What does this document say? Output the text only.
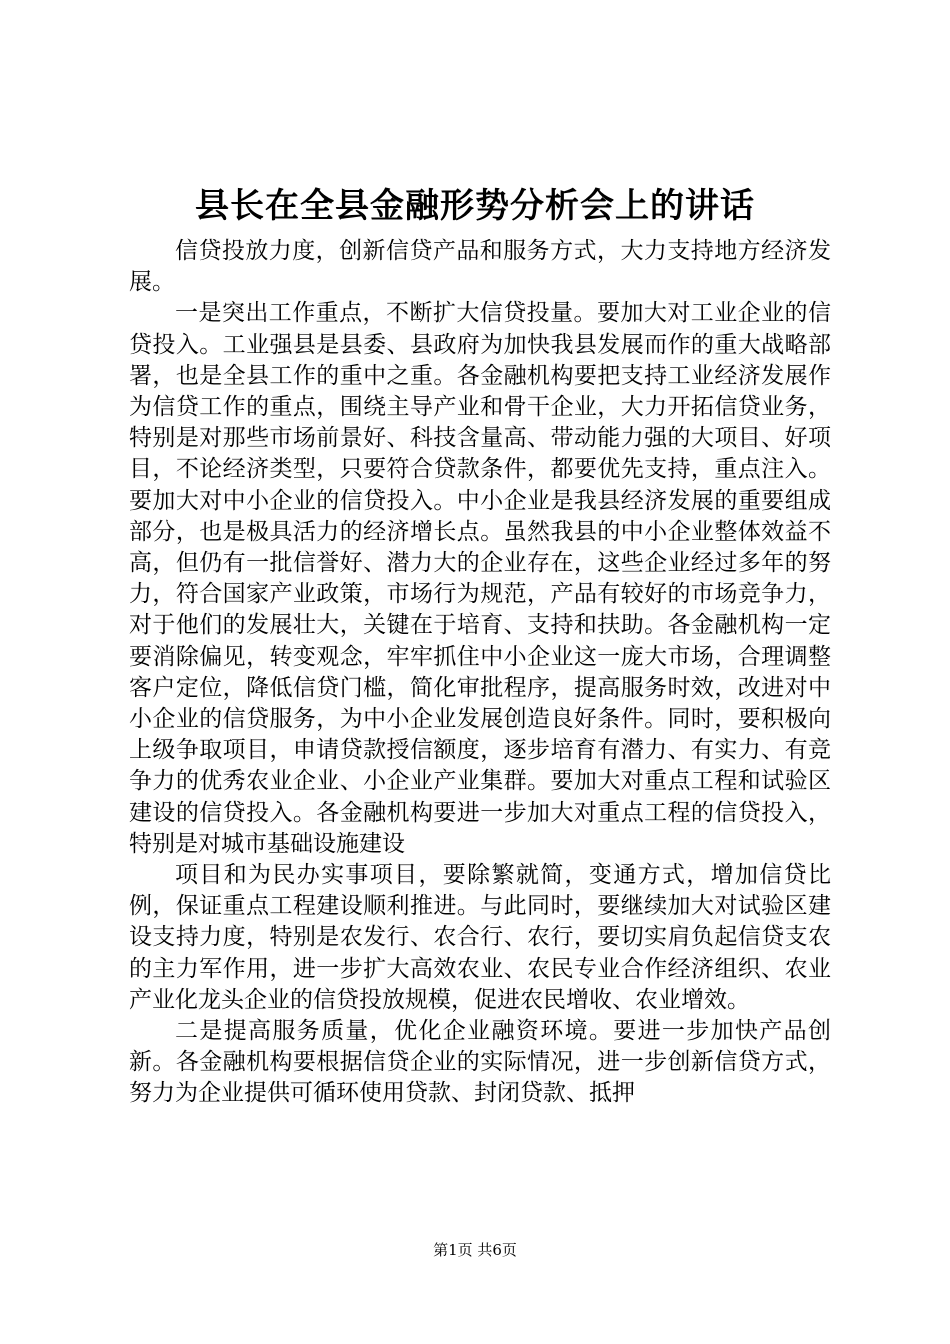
县长在全县金融形势分析会上的讲话

信贷投放力度，创新信贷产品和服务方式，大力支持地方经济发展。

一是突出工作重点，不断扩大信贷投量。要加大对工业企业的信贷投入。工业强县是县委、县政府为加快我县发展而作的重大战略部署，也是全县工作的重中之重。各金融机构要把支持工业经济发展作为信贷工作的重点，围绕主导产业和骨干企业，大力开拓信贷业务，特别是对那些市场前景好、科技含量高、带动能力强的大项目、好项目，不论经济类型，只要符合贷款条件，都要优先支持，重点注入。要加大对中小企业的信贷投入。中小企业是我县经济发展的重要组成部分，也是极具活力的经济增长点。虽然我县的中小企业整体效益不高，但仍有一批信誉好、潜力大的企业存在，这些企业经过多年的努力，符合国家产业政策，市场行为规范，产品有较好的市场竞争力，对于他们的发展壮大，关键在于培育、支持和扶助。各金融机构一定要消除偏见，转变观念，牢牢抓住中小企业这一庞大市场，合理调整客户定位，降低信贷门槛，简化审批程序，提高服务时效，改进对中小企业的信贷服务，为中小企业发展创造良好条件。同时，要积极向上级争取项目，申请贷款授信额度，逐步培育有潜力、有实力、有竞争力的优秀农业企业、小企业产业集群。要加大对重点工程和试验区建设的信贷投入。各金融机构要进一步加大对重点工程的信贷投入，特别是对城市基础设施建设

项目和为民办实事项目，要除繁就简，变通方式，增加信贷比例，保证重点工程建设顺利推进。与此同时，要继续加大对试验区建设支持力度，特别是农发行、农合行、农行，要切实肩负起信贷支农的主力军作用，进一步扩大高效农业、农民专业合作经济组织、农业产业化龙头企业的信贷投放规模，促进农民增收、农业增效。

二是提高服务质量，优化企业融资环境。要进一步加快产品创新。各金融机构要根据信贷企业的实际情况，进一步创新信贷方式，努力为企业提供可循环使用贷款、封闭贷款、抵押

第1页 共6页
